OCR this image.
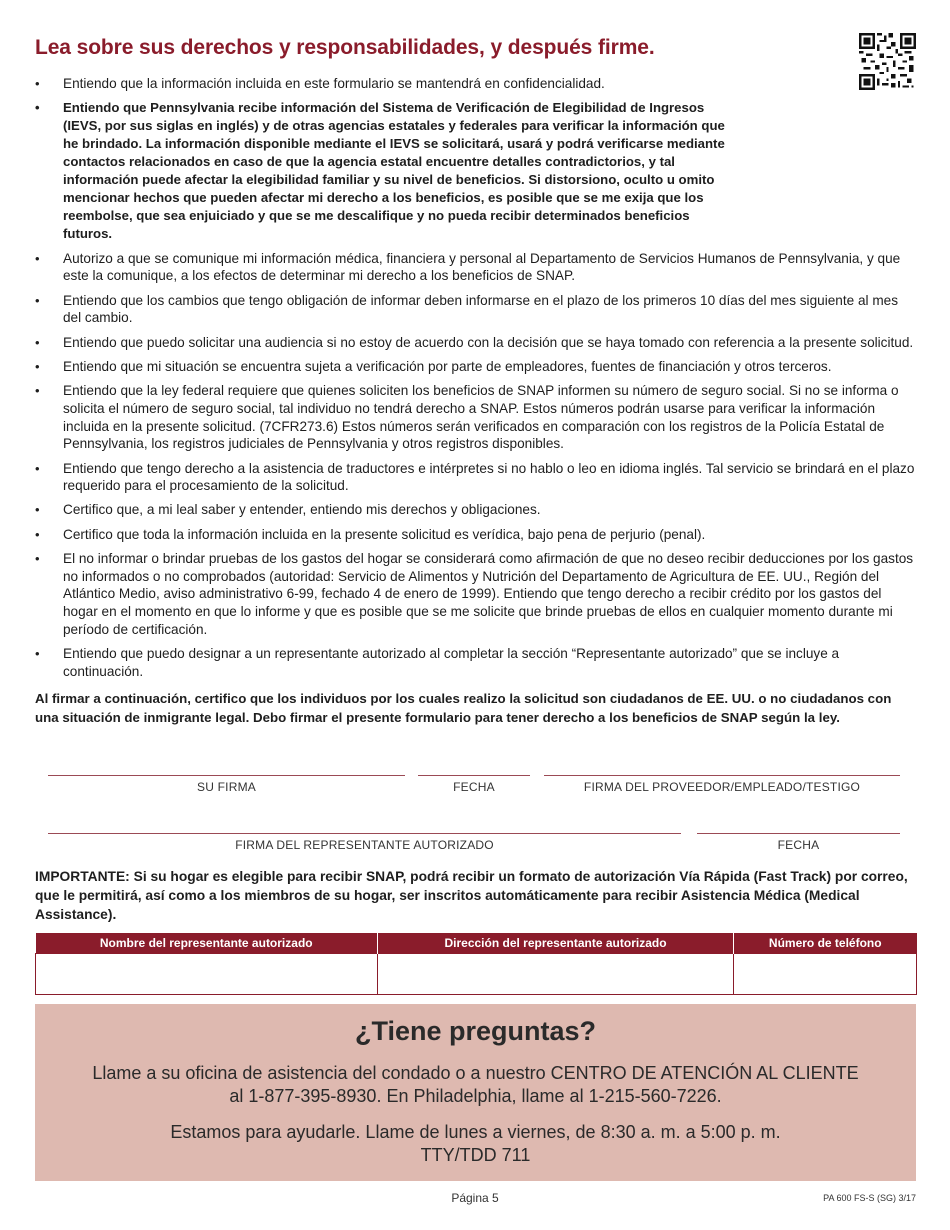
Lea sobre sus derechos y responsabilidades, y después firme.
• Entiendo que la información incluida en este formulario se mantendrá en confidencialidad.
• Entiendo que Pennsylvania recibe información del Sistema de Verificación de Elegibilidad de Ingresos (IEVS, por sus siglas en inglés) y de otras agencias estatales y federales para verificar la información que he brindado. La información disponible mediante el IEVS se solicitará, usará y podrá verificarse mediante contactos relacionados en caso de que la agencia estatal encuentre detalles contradictorios, y tal información puede afectar la elegibilidad familiar y su nivel de beneficios. Si distorsiono, oculto u omito mencionar hechos que pueden afectar mi derecho a los beneficios, es posible que se me exija que los reembolse, que sea enjuiciado y que se me descalifique y no pueda recibir determinados beneficios futuros.
• Autorizo a que se comunique mi información médica, financiera y personal al Departamento de Servicios Humanos de Pennsylvania, y que este la comunique, a los efectos de determinar mi derecho a los beneficios de SNAP.
• Entiendo que los cambios que tengo obligación de informar deben informarse en el plazo de los primeros 10 días del mes siguiente al mes del cambio.
• Entiendo que puedo solicitar una audiencia si no estoy de acuerdo con la decisión que se haya tomado con referencia a la presente solicitud.
• Entiendo que mi situación se encuentra sujeta a verificación por parte de empleadores, fuentes de financiación y otros terceros.
• Entiendo que la ley federal requiere que quienes soliciten los beneficios de SNAP informen su número de seguro social. Si no se informa o solicita el número de seguro social, tal individuo no tendrá derecho a SNAP. Estos números podrán usarse para verificar la información incluida en la presente solicitud. (7CFR273.6) Estos números serán verificados en comparación con los registros de la Policía Estatal de Pennsylvania, los registros judiciales de Pennsylvania y otros registros disponibles.
• Entiendo que tengo derecho a la asistencia de traductores e intérpretes si no hablo o leo en idioma inglés. Tal servicio se brindará en el plazo requerido para el procesamiento de la solicitud.
• Certifico que, a mi leal saber y entender, entiendo mis derechos y obligaciones.
• Certifico que toda la información incluida en la presente solicitud es verídica, bajo pena de perjurio (penal).
• El no informar o brindar pruebas de los gastos del hogar se considerará como afirmación de que no deseo recibir deducciones por los gastos no informados o no comprobados (autoridad: Servicio de Alimentos y Nutrición del Departamento de Agricultura de EE. UU., Región del Atlántico Medio, aviso administrativo 6-99, fechado 4 de enero de 1999). Entiendo que tengo derecho a recibir crédito por los gastos del hogar en el momento en que lo informe y que es posible que se me solicite que brinde pruebas de ellos en cualquier momento durante mi período de certificación.
• Entiendo que puedo designar a un representante autorizado al completar la sección “Representante autorizado” que se incluye a continuación.

Al firmar a continuación, certifico que los individuos por los cuales realizo la solicitud son ciudadanos de EE. UU. o no ciudadanos con una situación de inmigrante legal. Debo firmar el presente formulario para tener derecho a los beneficios de SNAP según la ley.

SU FIRMA	FECHA	FIRMA DEL PROVEEDOR/EMPLEADO/TESTIGO
FIRMA DEL REPRESENTANTE AUTORIZADO	FECHA

IMPORTANTE: Si su hogar es elegible para recibir SNAP, podrá recibir un formato de autorización Vía Rápida (Fast Track) por correo, que le permitirá, así como a los miembros de su hogar, ser inscritos automáticamente para recibir Asistencia Médica (Medical Assistance).

Nombre del representante autorizado	Dirección del representante autorizado	Número de teléfono

¿Tiene preguntas?
Llame a su oficina de asistencia del condado o a nuestro CENTRO DE ATENCIÓN AL CLIENTE
al 1-877-395-8930. En Philadelphia, llame al 1-215-560-7226.
Estamos para ayudarle. Llame de lunes a viernes, de 8:30 a. m. a 5:00 p. m.
TTY/TDD 711
Página 5	PA 600 FS-S (SG) 3/17
